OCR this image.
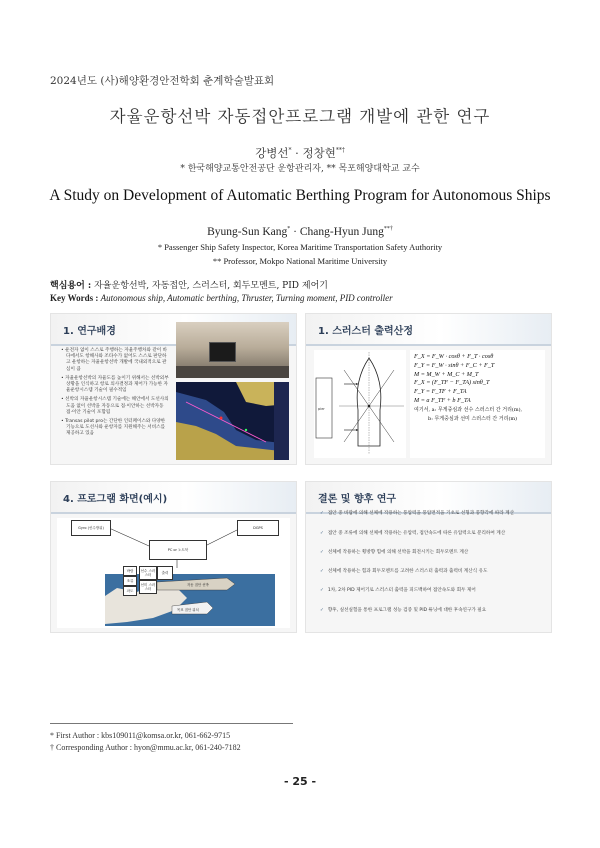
2024년도 (사)해양환경안전학회 춘계학술발표회
자율운항선박 자동접안프로그램 개발에 관한 연구
강병선* · 정창현**†
* 한국해양교통안전공단 운항관리자, ** 목포해양대학교 교수
A Study on Development of Automatic Berthing Program for Autonomous Ships
Byung-Sun Kang* · Chang-Hyun Jung**†
* Passenger Ship Safety Inspector, Korea Maritime Transportation Safety Authority
** Professor, Mokpo National Maritime University
핵심용어 : 자율운항선박, 자동접안, 스러스터, 회두모멘트, PID 제어기
Key Words : Autonomous ship, Automatic berthing, Thruster, Turning moment, PID controller
1. 연구배경
• 운전자 없이 스스로 주행하는 자율주행차와 같이 바다에서도 항해사와 조타수가 없어도 스스로 판단하고 운항하는 자율운항선박 개발에 국내외적으로 관심이 큼
• 자율운항선박의 자율도를 높이기 위해서는 선박외부 상황을 인식하고 항로 의사결정과 제어가 가능한 자율운항시스템 기술이 필수적임
• 선박의 자율운항시스템 기술에는 해안에서 도선사의 도움 없이 선박을 자동으로 접·이안하는 선박자동 접·이안 기술이 포함됨
• Transas pilot pro는 간단한 인터페이스와 다양한 기능으로 도선사와 운항자를 지원해주는 서비스를 제공하고 있음
1. 스러스터 출력산정
pier
F_X = F_W · cosθ + F_T · cosθ
F_Y = F_W · sinθ + F_C + F_T
M = M_W + M_C + M_T
F_X = (F_TF − F_TA) sinθ_T
F_Y = F_TF + F_TA
M = a F_TF + b F_TA
여기서, a: 무게중심과 선수 스러스터 간 거리(m),
b: 무게중심과 선미 스러스터 간 거리(m)
4. 프로그램 화면(예시)
Gyro (선수방위)
PC or 노트북
DGPS
바람
조류
파도
선수 스러스터
선미 스러스터
출력
자동 접안 선박
목표 접안 위치
결론 및 향후 연구
✓ 접안 중 바람에 의해 선체에 작용하는 풍압력을 풍압면적을 기초로 선형과 풍향각에 따라 계산
✓ 접안 중 조류에 의해 선체에 작용하는 유압력, 접안속도에 따른 유압력으로 분리하여 계산
✓ 선체에 작용하는 횡방향 힘에 의해 선박을 회전시키는 회두모멘트 계산
✓ 선체에 작용하는 힘과 회두모멘트를 고려한 스러스터 출력과 출력비 계산식 유도
✓ 1차, 2차 PID 제어기로 스러스터 출력을 피드백하여 접안속도와 회두 제어
✓ 향후, 실선실험을 통한 프로그램 성능 검증 및 PID 튜닝에 대한 후속연구가 필요
* First Author : kbs109011@komsa.or.kr, 061-662-9715
† Corresponding Author : hyon@mmu.ac.kr, 061-240-7182
- 25 -
